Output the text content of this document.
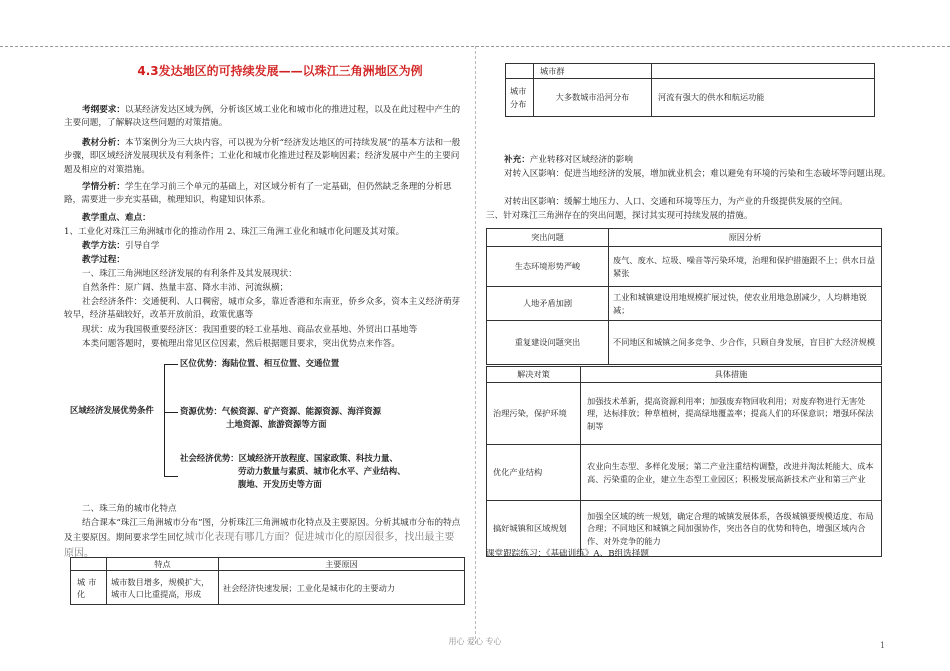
4.3发达地区的可持续发展——以珠江三角洲地区为例
考纲要求：以某经济发达区域为例，分析该区域工业化和城市化的推进过程，以及在此过程中产生的主要问题，了解解决这些问题的对策措施。
教材分析：本节案例分为三大块内容，可以视为分析“经济发达地区的可持续发展”的基本方法和一般步骤，即区域经济发展现状及有利条件；工业化和城市化推进过程及影响因素；经济发展中产生的主要问题及相应的对策措施。
学情分析：学生在学习前三个单元的基础上，对区域分析有了一定基础，但仍然缺乏条理的分析思路，需要进一步充实基础，梳理知识，构建知识体系。
教学重点、难点：
1、工业化对珠江三角洲城市化的推动作用 2、珠江三角洲工业化和城市化问题及其对策。
教学方法：引导自学
教学过程：
一、珠江三角洲地区经济发展的有利条件及其发展现状：
自然条件：原广阔、热量丰富、降水丰沛、河流纵横；
社会经济条件：交通便利、人口稠密，城市众多，靠近香港和东南亚，侨乡众多，资本主义经济萌芽较早，经济基础较好，改革开放前沿，政策优惠等
现状：成为我国极重要经济区：我国重要的轻工业基地、商品农业基地、外贸出口基地等
本类问题答题时，要梳理出常见区位因素，然后根据题目要求，突出优势点来作答。
区域经济发展优势条件
区位优势：海陆位置、相互位置、交通位置
资源优势：气候资源、矿产资源、能源资源、海洋资源
土地资源、旅游资源等方面
社会经济优势：区域经济开放程度、国家政策、科技力量、
劳动力数量与素质、城市化水平、产业结构、
腹地、开发历史等方面
二、珠三角的城市化特点
结合课本“珠江三角洲城市分布”图，分析珠江三角洲城市化特点及主要原因。分析其城市分布的特点及主要原因。期间要求学生回忆城市化表现有哪几方面？促进城市化的原因很多，找出最主要原因。
	特点	主要原因
城市化	城市数目增多，规模扩大，城市人口比重提高，形成	社会经济快速发展；工业化是城市化的主要动力
	城市群	
城市分布	大多数城市沿河分布	河流有强大的供水和航运功能
补充：产业转移对区域经济的影响
对转入区影响：促进当地经济的发展，增加就业机会；难以避免有环境的污染和生态破坏等问题出现。
对转出区影响：缓解土地压力、人口、交通和环境等压力，为产业的升级提供发展的空间。
三、针对珠江三角洲存在的突出问题，探讨其实现可持续发展的措施。
突出问题	原因分析
生态环境形势严峻	废气、废水、垃圾、噪音等污染环境，治理和保护措施跟不上；供水日益紧张
人地矛盾加剧	工业和城镇建设用地规模扩展过快，使农业用地急剧减少，人均耕地锐减；
重复建设问题突出	不同地区和城镇之间多竞争、少合作，只顾自身发展，盲目扩大经济规模
解决对策	具体措施
治理污染，保护环境	加强技术革新，提高资源利用率；加强废弃物回收利用；对废弃物进行无害处理，达标排放；种草植树，提高绿地覆盖率；提高人们的环保意识；增强环保法制等
优化产业结构	农业向生态型、多样化发展；第二产业注重结构调整，改进并淘汰耗能大、成本高、污染重的企业，建立生态型工业园区；积极发展高新技术产业和第三产业
搞好城镇和区域规划	加强全区域的统一规划，确定合理的城镇发展体系，各级城镇要规模适度、布局合理；不同地区和城镇之间加强协作，突出各自的优势和特色，增强区域内合作、对外竞争的能力
课堂跟踪练习：《基础训练》A、B组选择题
用心 爱心 专心	1
